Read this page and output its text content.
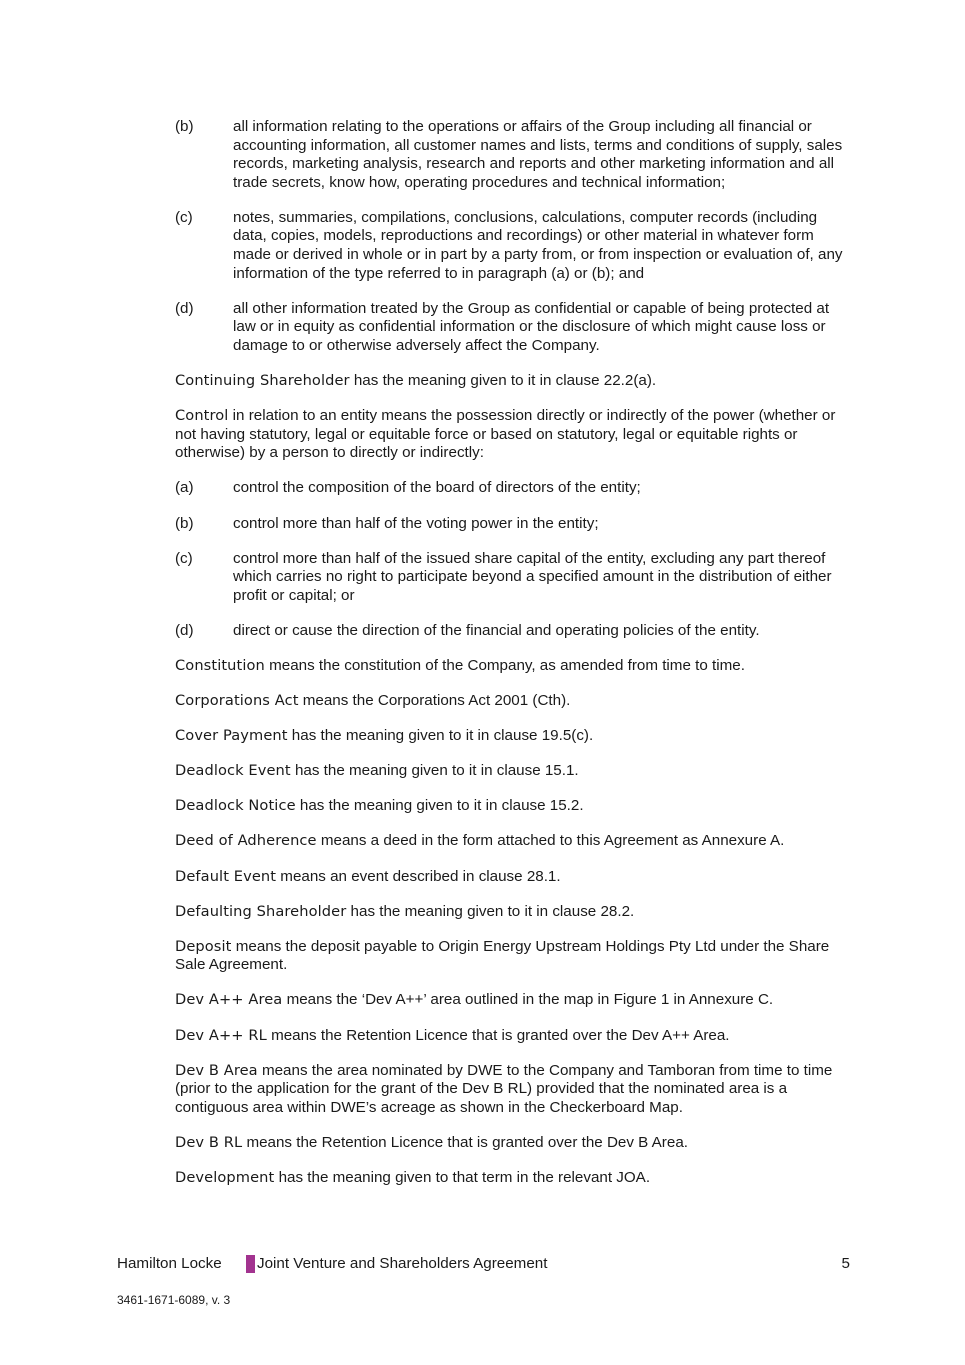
(b)	all information relating to the operations or affairs of the Group including all financial or accounting information, all customer names and lists, terms and conditions of supply, sales records, marketing analysis, research and reports and other marketing information and all trade secrets, know how, operating procedures and technical information;
(c)	notes, summaries, compilations, conclusions, calculations, computer records (including data, copies, models, reproductions and recordings) or other material in whatever form made or derived in whole or in part by a party from, or from inspection or evaluation of, any information of the type referred to in paragraph (a) or (b); and
(d)	all other information treated by the Group as confidential or capable of being protected at law or in equity as confidential information or the disclosure of which might cause loss or damage to or otherwise adversely affect the Company.
Continuing Shareholder has the meaning given to it in clause 22.2(a).
Control in relation to an entity means the possession directly or indirectly of the power (whether or not having statutory, legal or equitable force or based on statutory, legal or equitable rights or otherwise) by a person to directly or indirectly:
(a)	control the composition of the board of directors of the entity;
(b)	control more than half of the voting power in the entity;
(c)	control more than half of the issued share capital of the entity, excluding any part thereof which carries no right to participate beyond a specified amount in the distribution of either profit or capital; or
(d)	direct or cause the direction of the financial and operating policies of the entity.
Constitution means the constitution of the Company, as amended from time to time.
Corporations Act means the Corporations Act 2001 (Cth).
Cover Payment has the meaning given to it in clause 19.5(c).
Deadlock Event has the meaning given to it in clause 15.1.
Deadlock Notice has the meaning given to it in clause 15.2.
Deed of Adherence means a deed in the form attached to this Agreement as Annexure A.
Default Event means an event described in clause 28.1.
Defaulting Shareholder has the meaning given to it in clause 28.2.
Deposit means the deposit payable to Origin Energy Upstream Holdings Pty Ltd under the Share Sale Agreement.
Dev A++ Area means the ‘Dev A++’ area outlined in the map in Figure 1 in Annexure C.
Dev A++ RL means the Retention Licence that is granted over the Dev A++ Area.
Dev B Area means the area nominated by DWE to the Company and Tamboran from time to time (prior to the application for the grant of the Dev B RL) provided that the nominated area is a contiguous area within DWE’s acreage as shown in the Checkerboard Map.
Dev B RL means the Retention Licence that is granted over the Dev B Area.
Development has the meaning given to that term in the relevant JOA.
Hamilton Locke Joint Venture and Shareholders Agreement	5
3461-1671-6089, v. 3
